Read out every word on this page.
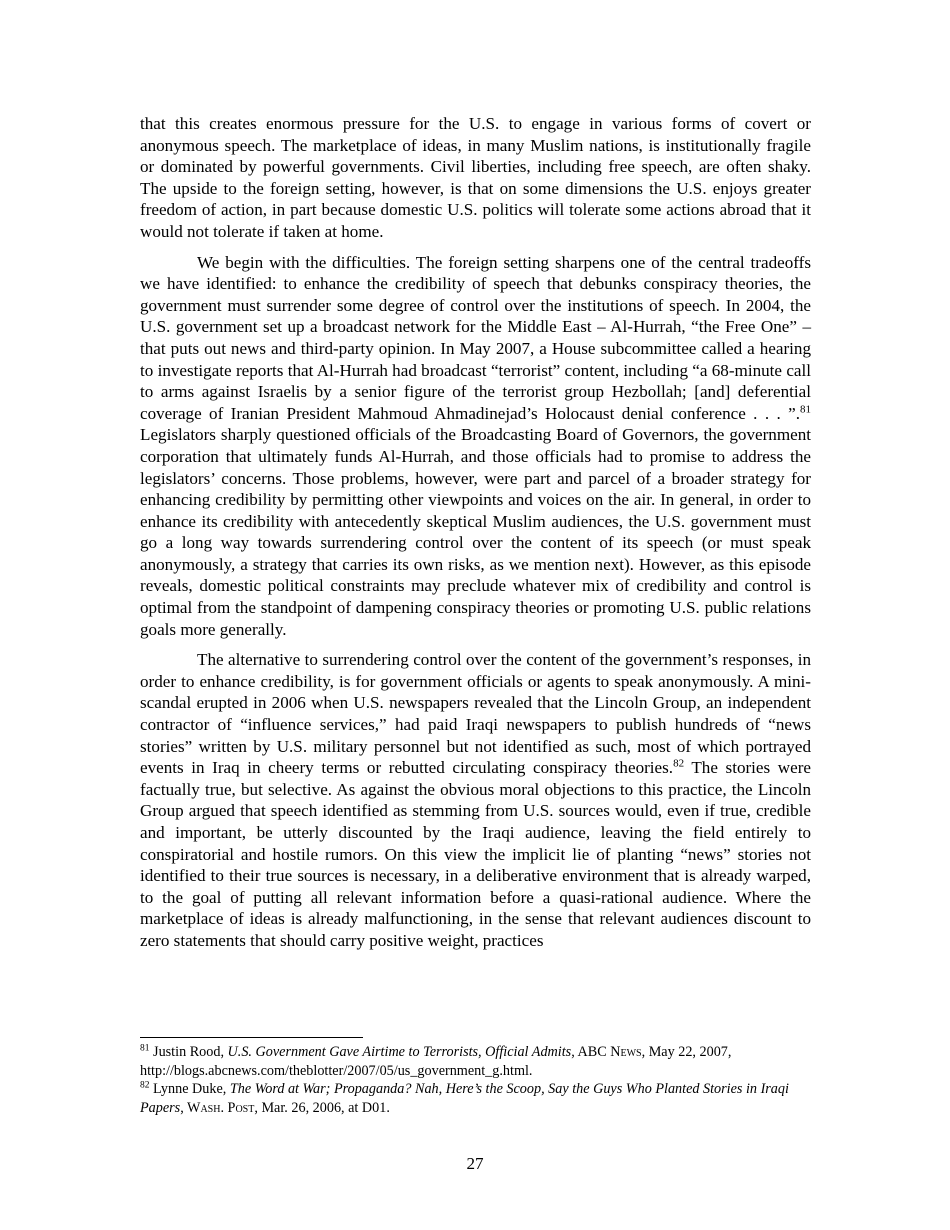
that this creates enormous pressure for the U.S. to engage in various forms of covert or anonymous speech. The marketplace of ideas, in many Muslim nations, is institutionally fragile or dominated by powerful governments. Civil liberties, including free speech, are often shaky. The upside to the foreign setting, however, is that on some dimensions the U.S. enjoys greater freedom of action, in part because domestic U.S. politics will tolerate some actions abroad that it would not tolerate if taken at home.

We begin with the difficulties. The foreign setting sharpens one of the central tradeoffs we have identified: to enhance the credibility of speech that debunks conspiracy theories, the government must surrender some degree of control over the institutions of speech. In 2004, the U.S. government set up a broadcast network for the Middle East – Al-Hurrah, “the Free One” – that puts out news and third-party opinion. In May 2007, a House subcommittee called a hearing to investigate reports that Al-Hurrah had broadcast “terrorist” content, including “a 68-minute call to arms against Israelis by a senior figure of the terrorist group Hezbollah; [and] deferential coverage of Iranian President Mahmoud Ahmadinejad’s Holocaust denial conference . . . ”.$^{81}$ Legislators sharply questioned officials of the Broadcasting Board of Governors, the government corporation that ultimately funds Al-Hurrah, and those officials had to promise to address the legislators’ concerns. Those problems, however, were part and parcel of a broader strategy for enhancing credibility by permitting other viewpoints and voices on the air. In general, in order to enhance its credibility with antecedently skeptical Muslim audiences, the U.S. government must go a long way towards surrendering control over the content of its speech (or must speak anonymously, a strategy that carries its own risks, as we mention next). However, as this episode reveals, domestic political constraints may preclude whatever mix of credibility and control is optimal from the standpoint of dampening conspiracy theories or promoting U.S. public relations goals more generally.

The alternative to surrendering control over the content of the government’s responses, in order to enhance credibility, is for government officials or agents to speak anonymously. A mini-scandal erupted in 2006 when U.S. newspapers revealed that the Lincoln Group, an independent contractor of “influence services,” had paid Iraqi newspapers to publish hundreds of “news stories” written by U.S. military personnel but not identified as such, most of which portrayed events in Iraq in cheery terms or rebutted circulating conspiracy theories.$^{82}$ The stories were factually true, but selective. As against the obvious moral objections to this practice, the Lincoln Group argued that speech identified as stemming from U.S. sources would, even if true, credible and important, be utterly discounted by the Iraqi audience, leaving the field entirely to conspiratorial and hostile rumors. On this view the implicit lie of planting “news” stories not identified to their true sources is necessary, in a deliberative environment that is already warped, to the goal of putting all relevant information before a quasi-rational audience. Where the marketplace of ideas is already malfunctioning, in the sense that relevant audiences discount to zero statements that should carry positive weight, practices

$^{81}$ Justin Rood, U.S. Government Gave Airtime to Terrorists, Official Admits, ABC News, May 22, 2007, http://blogs.abcnews.com/theblotter/2007/05/us_government_g.html.

$^{82}$ Lynne Duke, The Word at War; Propaganda? Nah, Here’s the Scoop, Say the Guys Who Planted Stories in Iraqi Papers, Wash. Post, Mar. 26, 2006, at D01.

27
